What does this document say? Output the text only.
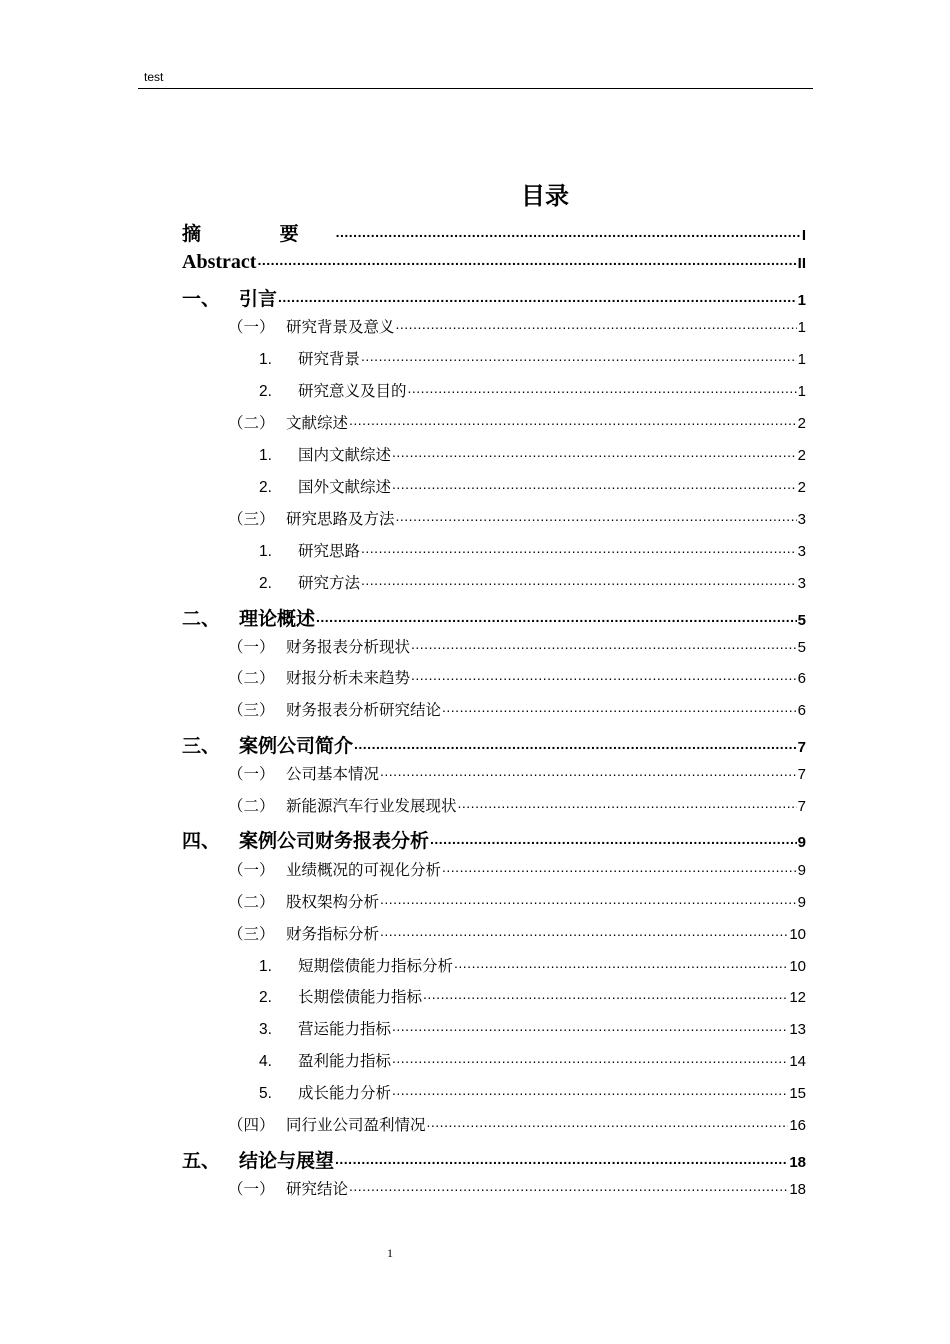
test
目录
摘 要 .....	I
Abstract .....	II
一、 引言 .....	1
（一） 研究背景及意义 .....	1
1.	研究背景 .....	1
2.	研究意义及目的 .....	1
（二） 文献综述 .....	2
1.	国内文献综述 .....	2
2.	国外文献综述 .....	2
（三） 研究思路及方法 .....	3
1.	研究思路 .....	3
2.	研究方法 .....	3
二、 理论概述 .....	5
（一） 财务报表分析现状 .....	5
（二） 财报分析未来趋势 .....	6
（三） 财务报表分析研究结论 .....	6
三、 案例公司简介 .....	7
（一） 公司基本情况 .....	7
（二） 新能源汽车行业发展现状 .....	7
四、 案例公司财务报表分析 .....	9
（一） 业绩概况的可视化分析 .....	9
（二） 股权架构分析 .....	9
（三） 财务指标分析 .....	10
1.	短期偿债能力指标分析 .....	10
2.	长期偿债能力指标 .....	12
3.	营运能力指标 .....	13
4.	盈利能力指标 .....	14
5.	成长能力分析 .....	15
（四） 同行业公司盈利情况 .....	16
五、 结论与展望 .....	18
（一） 研究结论 .....	18
1
